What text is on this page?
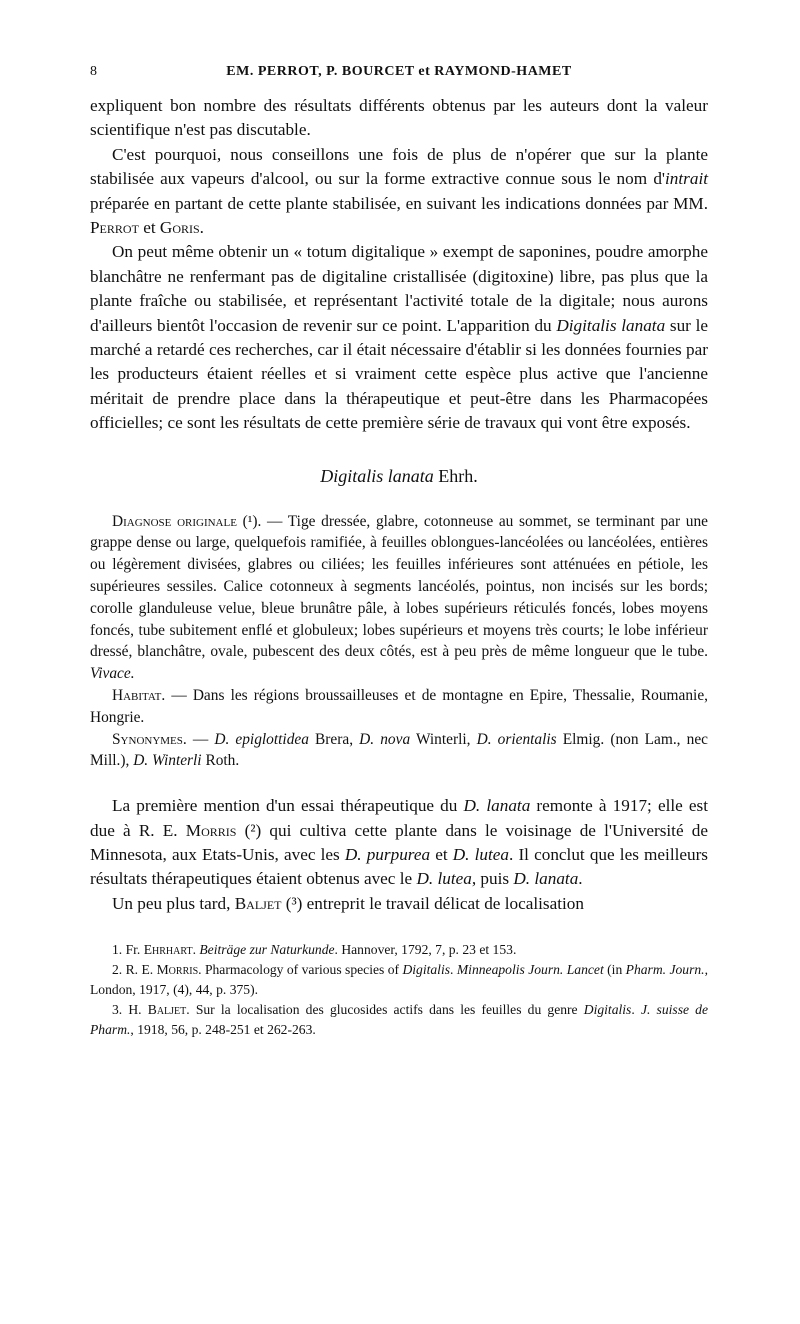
8	EM. PERROT, P. BOURCET et RAYMOND-HAMET

expliquent bon nombre des résultats différents obtenus par les auteurs dont la valeur scientifique n'est pas discutable.

C'est pourquoi, nous conseillons une fois de plus de n'opérer que sur la plante stabilisée aux vapeurs d'alcool, ou sur la forme extractive connue sous le nom d'intrait préparée en partant de cette plante stabilisée, en suivant les indications données par MM. Perrot et Goris.

On peut même obtenir un « totum digitalique » exempt de saponines, poudre amorphe blanchâtre ne renfermant pas de digitaline cristallisée (digitoxine) libre, pas plus que la plante fraîche ou stabilisée, et représentant l'activité totale de la digitale; nous aurons d'ailleurs bientôt l'occasion de revenir sur ce point. L'apparition du Digitalis lanata sur le marché a retardé ces recherches, car il était nécessaire d'établir si les données fournies par les producteurs étaient réelles et si vraiment cette espèce plus active que l'ancienne méritait de prendre place dans la thérapeutique et peut-être dans les Pharmacopées officielles; ce sont les résultats de cette première série de travaux qui vont être exposés.

Digitalis lanata Ehrh.

Diagnose originale (¹). — Tige dressée, glabre, cotonneuse au sommet, se terminant par une grappe dense ou large, quelquefois ramifiée, à feuilles oblongues-lancéolées ou lancéolées, entières ou légèrement divisées, glabres ou ciliées; les feuilles inférieures sont atténuées en pétiole, les supérieures sessiles. Calice cotonneux à segments lancéolés, pointus, non incisés sur les bords; corolle glanduleuse velue, bleue brunâtre pâle, à lobes supérieurs réticulés foncés, lobes moyens foncés, tube subitement enflé et globuleux; lobes supérieurs et moyens très courts; le lobe inférieur dressé, blanchâtre, ovale, pubescent des deux côtés, est à peu près de même longueur que le tube. Vivace.

Habitat. — Dans les régions broussailleuses et de montagne en Epire, Thessalie, Roumanie, Hongrie.

Synonymes. — D. epiglottidea Brera, D. nova Winterli, D. orientalis Elmig. (non Lam., nec Mill.), D. Winterli Roth.

La première mention d'un essai thérapeutique du D. lanata remonte à 1917; elle est due à R. E. Morris (²) qui cultiva cette plante dans le voisinage de l'Université de Minnesota, aux Etats-Unis, avec les D. purpurea et D. lutea. Il conclut que les meilleurs résultats thérapeutiques étaient obtenus avec le D. lutea, puis D. lanata.

Un peu plus tard, Baljet (³) entreprit le travail délicat de localisation

1. Fr. Ehrhart. Beiträge zur Naturkunde. Hannover, 1792, 7, p. 23 et 153.

2. R. E. Morris. Pharmacology of various species of Digitalis. Minneapolis Journ. Lancet (in Pharm. Journ., London, 1917, (4), 44, p. 375).

3. H. Baljet. Sur la localisation des glucosides actifs dans les feuilles du genre Digitalis. J. suisse de Pharm., 1918, 56, p. 248-251 et 262-263.
